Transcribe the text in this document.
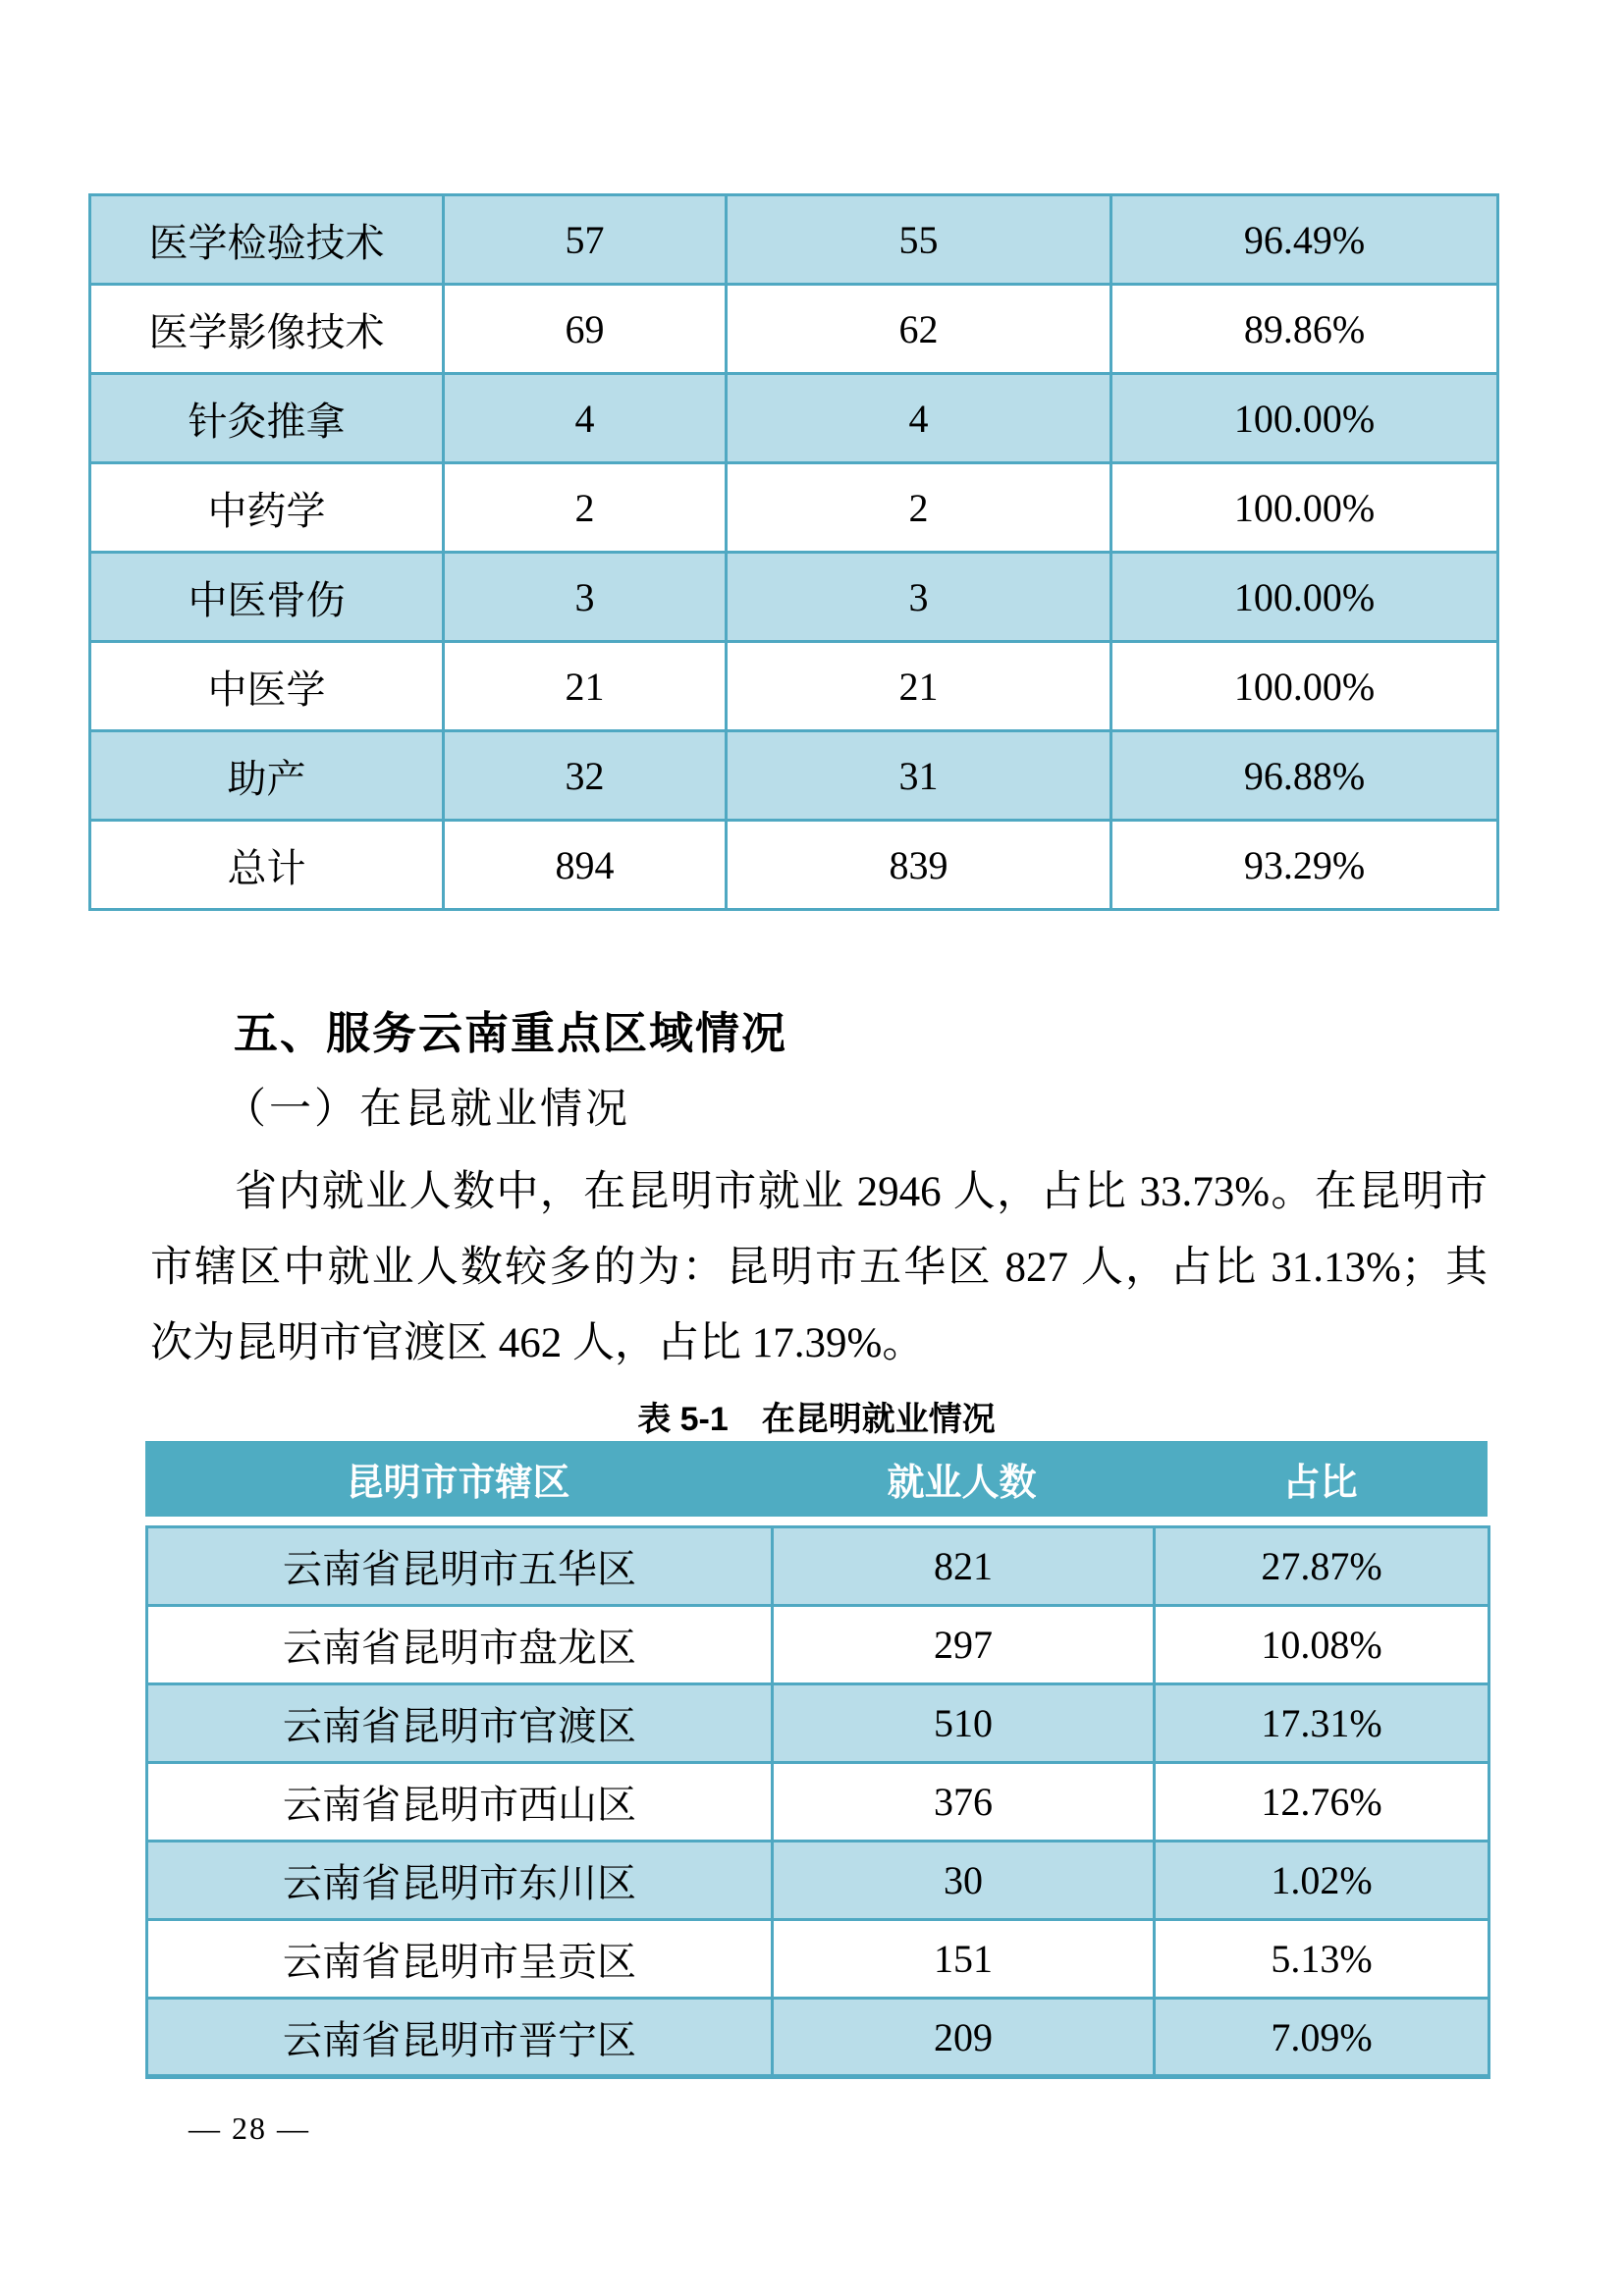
医学检验技术	57	55	96.49%
医学影像技术	69	62	89.86%
针灸推拿	4	4	100.00%
中药学	2	2	100.00%
中医骨伤	3	3	100.00%
中医学	21	21	100.00%
助产	32	31	96.88%
总计	894	839	93.29%
五、服务云南重点区域情况
（一）在昆就业情况
省内就业人数中，在昆明市就业 2946 人，占比 33.73%。在昆明市
市辖区中就业人数较多的为：昆明市五华区 827 人，占比 31.13%；其
次为昆明市官渡区 462 人，占比 17.39%。
表 5-1　在昆明就业情况
昆明市市辖区	就业人数	占比
云南省昆明市五华区	821	27.87%
云南省昆明市盘龙区	297	10.08%
云南省昆明市官渡区	510	17.31%
云南省昆明市西山区	376	12.76%
云南省昆明市东川区	30	1.02%
云南省昆明市呈贡区	151	5.13%
云南省昆明市晋宁区	209	7.09%
— 28 —
